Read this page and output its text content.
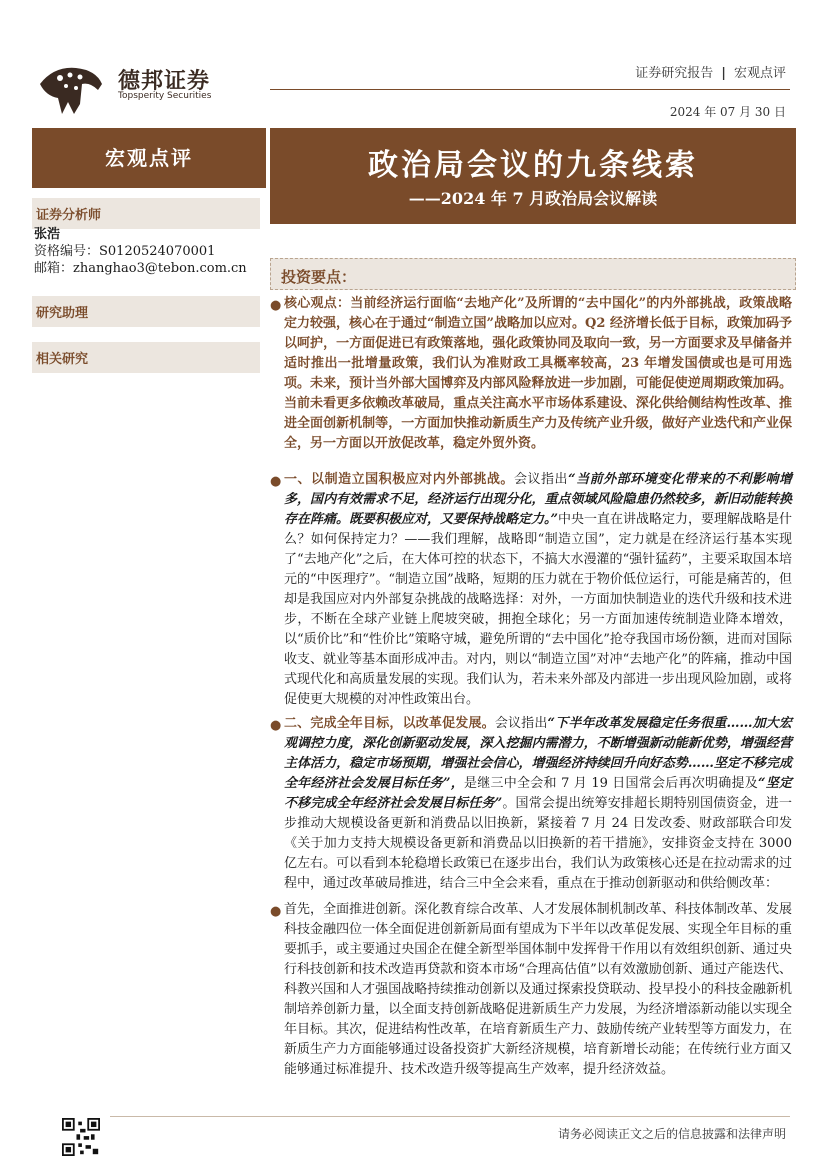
德邦证券
Topsperity Securities
证券研究报告 | 宏观点评
2024 年 07 月 30 日
宏观点评	政治局会议的九条线索
——2024 年 7 月政治局会议解读
证券分析师
张浩
资格编号：S0120524070001
邮箱：zhanghao3@tebon.com.cn
研究助理
相关研究
投资要点：
● 核心观点：当前经济运行面临“去地产化”及所谓的“去中国化”的内外部挑战，政策战略定力较强，核心在于通过“制造立国”战略加以应对。Q2 经济增长低于目标，政策加码予以呵护，一方面促进已有政策落地，强化政策协同及取向一致，另一方面要求及早储备并适时推出一批增量政策，我们认为准财政工具概率较高，23 年增发国债或也是可用选项。未来，预计当外部大国博弈及内部风险释放进一步加剧，可能促使逆周期政策加码。当前未看更多依赖改革破局，重点关注高水平市场体系建设、深化供给侧结构性改革、推进全面创新机制等，一方面加快推动新质生产力及传统产业升级，做好产业迭代和产业保全，另一方面以开放促改革，稳定外贸外资。
● 一、以制造立国积极应对内外部挑战。会议指出“当前外部环境变化带来的不利影响增多，国内有效需求不足，经济运行出现分化，重点领域风险隐患仍然较多，新旧动能转换存在阵痛。既要积极应对，又要保持战略定力。”中央一直在讲战略定力，要理解战略是什么？如何保持定力？——我们理解，战略即“制造立国”，定力就是在经济运行基本实现了“去地产化”之后，在大体可控的状态下，不搞大水漫灌的“强针猛药”，主要采取国本培元的“中医理疗”。“制造立国”战略，短期的压力就在于物价低位运行，可能是痛苦的，但却是我国应对内外部复杂挑战的战略选择：对外，一方面加快制造业的迭代升级和技术进步，不断在全球产业链上爬坡突破，拥抱全球化；另一方面加速传统制造业降本增效，以“质价比”和“性价比”策略守城，避免所谓的“去中国化”抢夺我国市场份额，进而对国际收支、就业等基本面形成冲击。对内，则以“制造立国”对冲“去地产化”的阵痛，推动中国式现代化和高质量发展的实现。我们认为，若未来外部及内部进一步出现风险加剧，或将促使更大规模的对冲性政策出台。
● 二、完成全年目标，以改革促发展。会议指出“下半年改革发展稳定任务很重……加大宏观调控力度，深化创新驱动发展，深入挖掘内需潜力，不断增强新动能新优势，增强经营主体活力，稳定市场预期，增强社会信心，增强经济持续回升向好态势……坚定不移完成全年经济社会发展目标任务”，是继三中全会和 7 月 19 日国常会后再次明确提及“坚定不移完成全年经济社会发展目标任务”。国常会提出统筹安排超长期特别国债资金，进一步推动大规模设备更新和消费品以旧换新，紧接着 7 月 24 日发改委、财政部联合印发《关于加力支持大规模设备更新和消费品以旧换新的若干措施》，安排资金支持在 3000 亿左右。可以看到本轮稳增长政策已在逐步出台，我们认为政策核心还是在拉动需求的过程中，通过改革破局推进，结合三中全会来看，重点在于推动创新驱动和供给侧改革：
● 首先，全面推进创新。深化教育综合改革、人才发展体制机制改革、科技体制改革、发展科技金融四位一体全面促进创新新局面有望成为下半年以改革促发展、实现全年目标的重要抓手，或主要通过央国企在健全新型举国体制中发挥骨干作用以有效组织创新、通过央行科技创新和技术改造再贷款和资本市场“合理高估值”以有效激励创新、通过产能迭代、科教兴国和人才强国战略持续推动创新以及通过探索投贷联动、投早投小的科技金融新机制培养创新力量，以全面支持创新战略促进新质生产力发展，为经济增添新动能以实现全年目标。其次，促进结构性改革，在培育新质生产力、鼓励传统产业转型等方面发力，在新质生产力方面能够通过设备投资扩大新经济规模，培育新增长动能；在传统行业方面又能够通过标准提升、技术改造升级等提高生产效率，提升经济效益。
请务必阅读正文之后的信息披露和法律声明
